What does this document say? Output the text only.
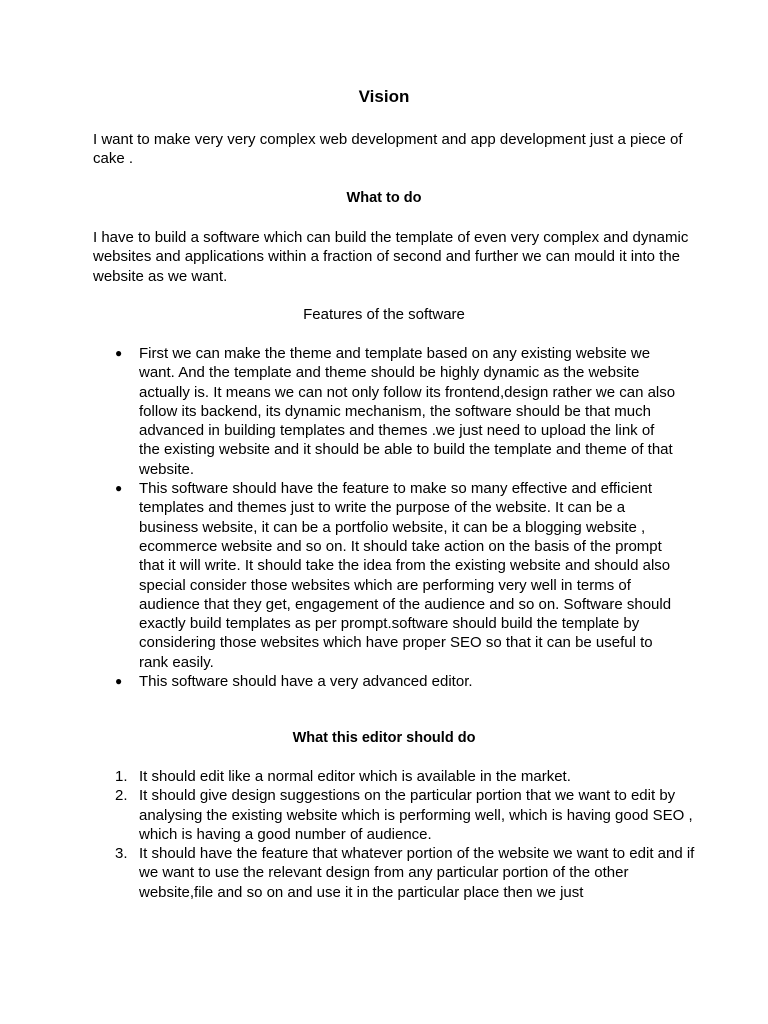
Vision

I want to make very very complex web development and app development just a piece of cake .

What to do

I have to build a software which can build the template of even very complex and dynamic websites and applications within a fraction of second and further we can mould it into the website as we want.

Features of the software
● First we can make the theme and template based on any existing website we want. And the template and theme should be highly dynamic as the website actually is. It means we can not only follow its frontend,design rather we can also follow its backend, its dynamic mechanism, the software should be that much advanced in building templates and themes .we just need to upload the link of the existing website and it should be able to build the template and theme of that website.
● This software should have the feature to make so many effective and efficient templates and themes just to write the purpose of the website. It can be a business website, it can be a portfolio website, it can be a blogging website , ecommerce website and so on. It should take action on the basis of the prompt that it will write. It should take the idea from the existing website and should also special consider those websites which are performing very well in terms of audience that they get, engagement of the audience and so on. Software should exactly build templates as per prompt.software should build the template by considering those websites which have proper SEO so that it can be useful to rank easily.
● This software should have a very advanced editor.
What this editor should do
1. It should edit like a normal editor which is available in the market.
2. It should give design suggestions on the particular portion that we want to edit by analysing the existing website which is performing well, which is having good SEO , which is having a good number of audience.
3. It should have the feature that whatever portion of the website we want to edit and if we want to use the relevant design from any particular portion of the other website,file and so on and use it in the particular place then we just
